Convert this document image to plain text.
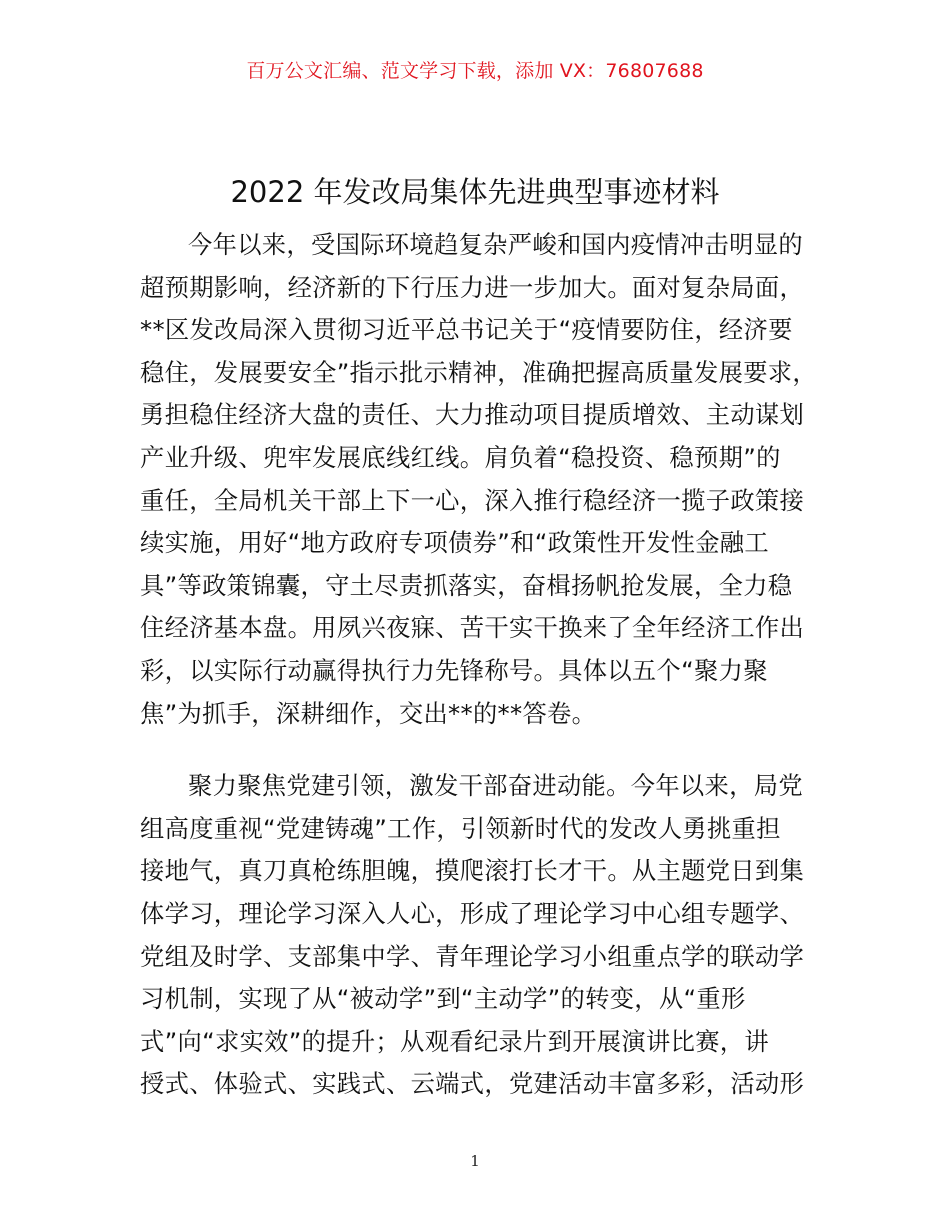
百万公文汇编、范文学习下载，添加 VX：76807688
2022 年发改局集体先进典型事迹材料
今年以来，受国际环境趋复杂严峻和国内疫情冲击明显的
超预期影响，经济新的下行压力进一步加大。面对复杂局面，
**区发改局深入贯彻习近平总书记关于“疫情要防住，经济要
稳住，发展要安全”指示批示精神，准确把握高质量发展要求，
勇担稳住经济大盘的责任、大力推动项目提质增效、主动谋划
产业升级、兜牢发展底线红线。肩负着“稳投资、稳预期”的
重任，全局机关干部上下一心，深入推行稳经济一揽子政策接
续实施，用好“地方政府专项债券”和“政策性开发性金融工
具”等政策锦囊，守土尽责抓落实，奋楫扬帆抢发展，全力稳
住经济基本盘。用夙兴夜寐、苦干实干换来了全年经济工作出
彩，以实际行动赢得执行力先锋称号。具体以五个“聚力聚
焦”为抓手，深耕细作，交出**的**答卷。
聚力聚焦党建引领，激发干部奋进动能。今年以来，局党
组高度重视“党建铸魂”工作，引领新时代的发改人勇挑重担
接地气，真刀真枪练胆魄，摸爬滚打长才干。从主题党日到集
体学习，理论学习深入人心，形成了理论学习中心组专题学、
党组及时学、支部集中学、青年理论学习小组重点学的联动学
习机制，实现了从“被动学”到“主动学”的转变，从“重形
式”向“求实效”的提升；从观看纪录片到开展演讲比赛，讲
授式、体验式、实践式、云端式，党建活动丰富多彩，活动形
1
